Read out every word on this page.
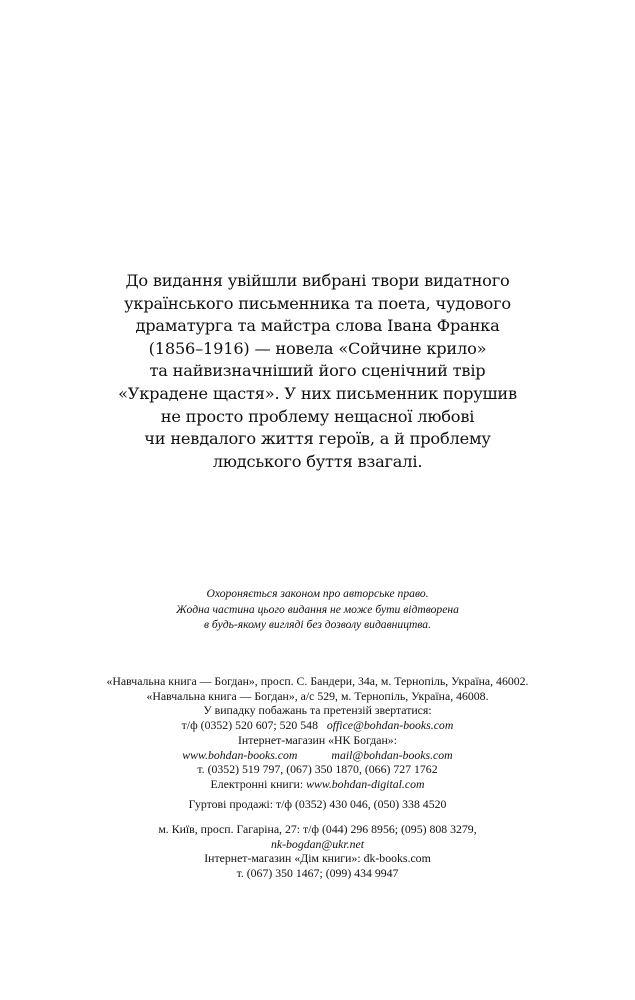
До видання увійшли вибрані твори видатного
українського письменника та поета, чудового
драматурга та майстра слова Івана Франка
(1856–1916) — новела «Сойчине крило»
та найвизначніший його сценічний твір
«Украдене щастя». У них письменник порушив
не просто проблему нещасної любові
чи невдалого життя героїв, а й проблему
людського буття взагалі.
Охороняється законом про авторське право.
Жодна частина цього видання не може бути відтворена
в будь-якому вигляді без дозволу видавництва.
«Навчальна книга — Богдан», просп. С. Бандери, 34а, м. Тернопіль, Україна, 46002.
«Навчальна книга — Богдан», а/с 529, м. Тернопіль, Україна, 46008.
У випадку побажань та претензій звертатися:
т/ф (0352) 520 607; 520 548 office@bohdan-books.com
Інтернет-магазин «НК Богдан»:
www.bohdan-books.com	mail@bohdan-books.com
т. (0352) 519 797, (067) 350 1870, (066) 727 1762
Електронні книги: www.bohdan-digital.com
Гуртові продажі: т/ф (0352) 430 046, (050) 338 4520
м. Київ, просп. Гагаріна, 27: т/ф (044) 296 8956; (095) 808 3279,
nk-bogdan@ukr.net
Інтернет-магазин «Дім книги»: dk-books.com
т. (067) 350 1467; (099) 434 9947
